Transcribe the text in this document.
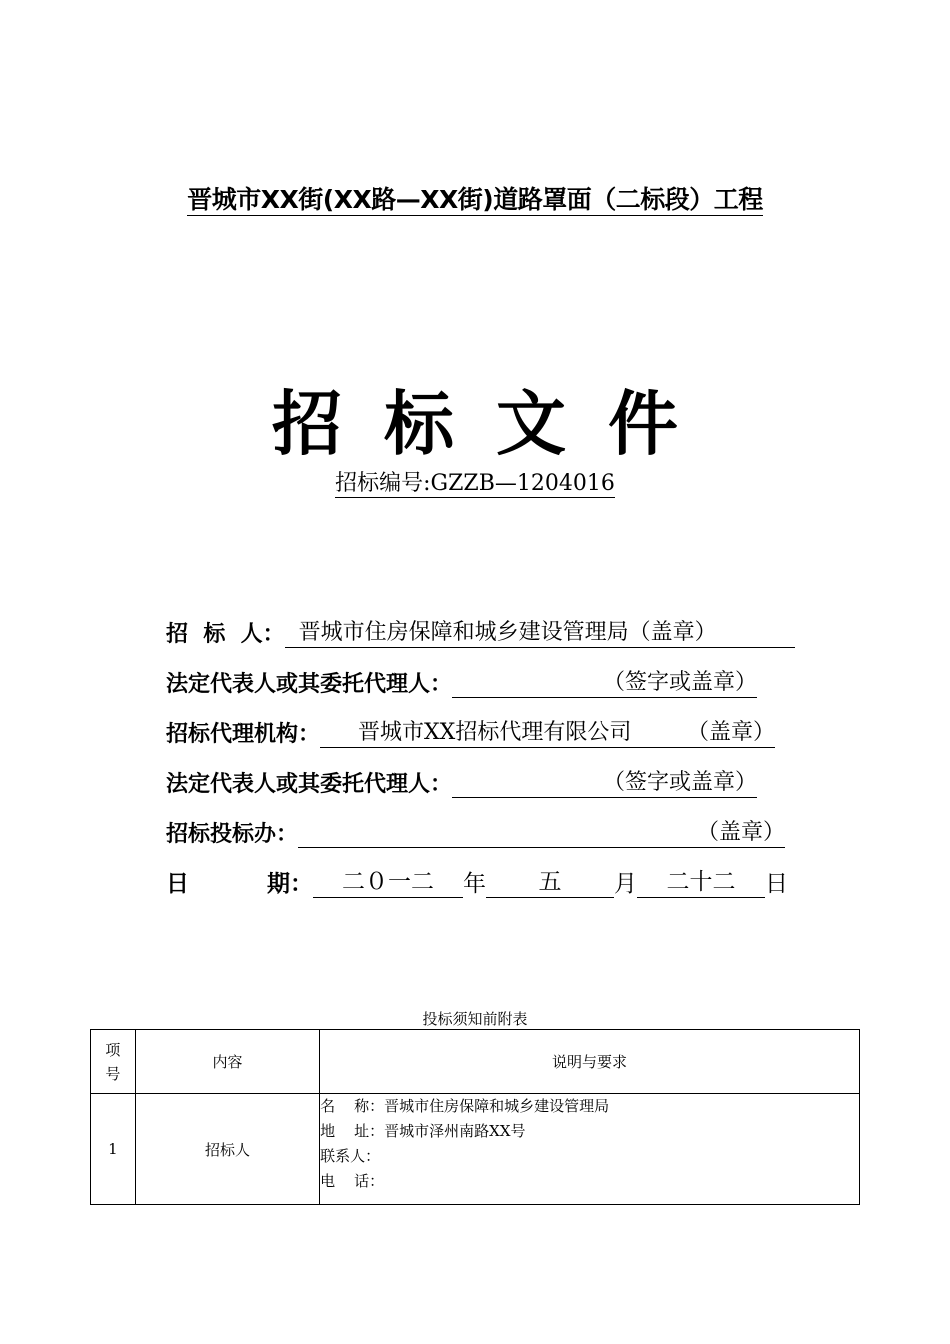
晋城市XX街(XX路—XX街)道路罩面（二标段）工程
招标文件
招标编号:GZZB—1204016
招  标  人： 晋城市住房保障和城乡建设管理局（盖章）
法定代表人或其委托代理人：	（签字或盖章）
招标代理机构：	晋城市XX招标代理有限公司	（盖章）
法定代表人或其委托代理人：	（签字或盖章）
招标投标办：	（盖章）
日	期：	二０一二	年	五	月	二十二	日
投标须知前附表
项
号	内容	说明与要求
1	招标人	名    称：晋城市住房保障和城乡建设管理局
地    址：晋城市泽州南路XX号
联系人：
电    话：
